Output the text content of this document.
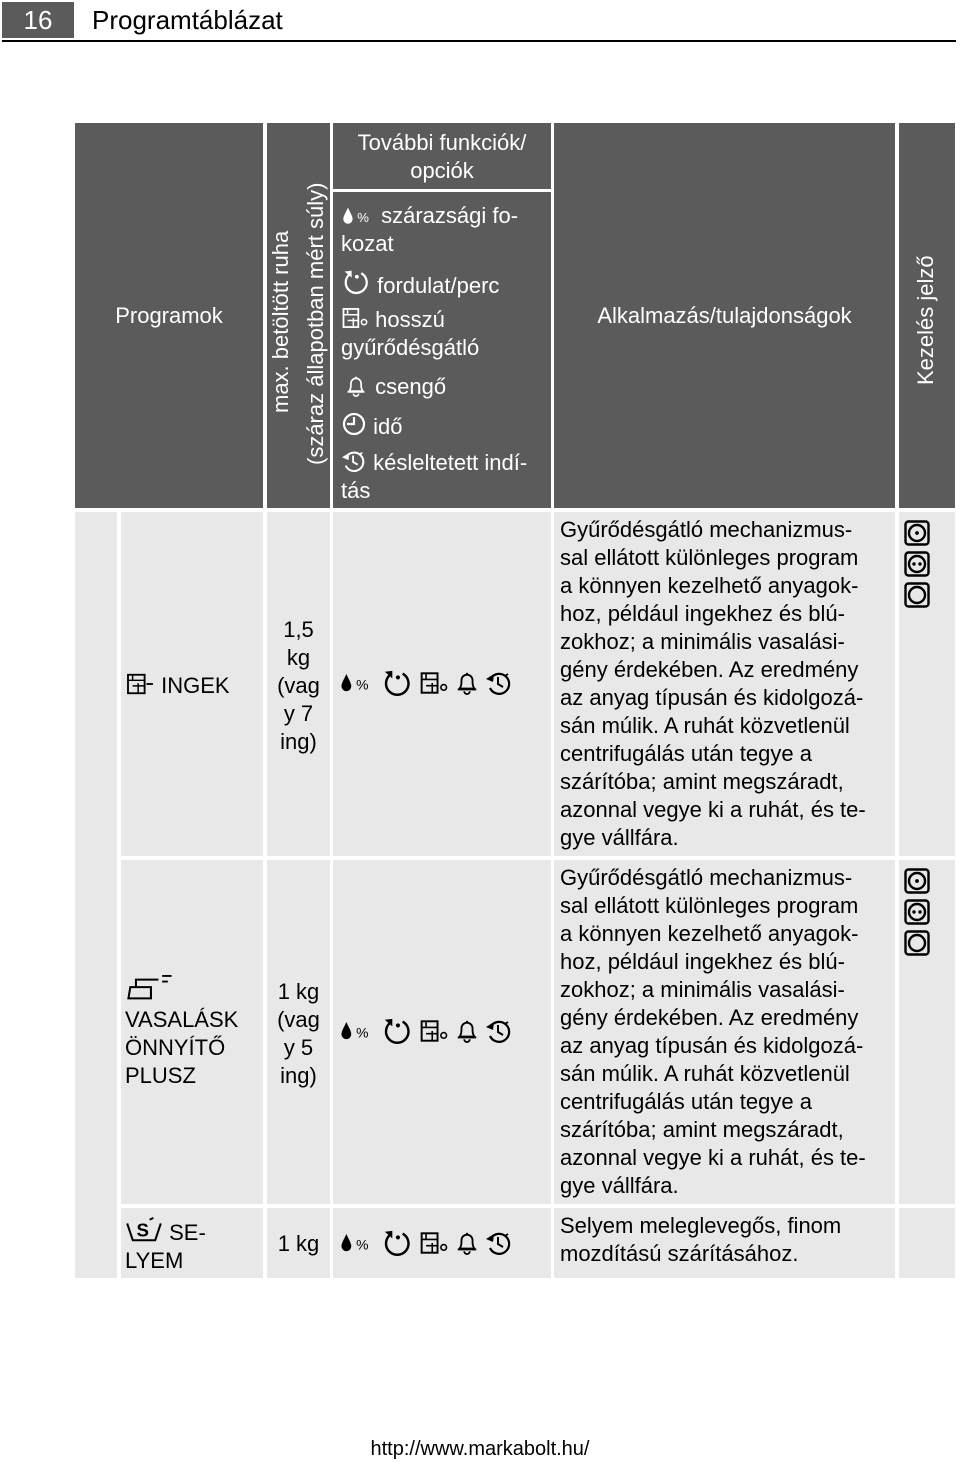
16	Programtáblázat
Programok max. betöltött ruha (száraz állapotban mért súly)
További funkciók/
opciók
szárazsági fo-
kozat
fordulat/perc
hosszú
gyűrődésgátló
csengő
idő
késleltetett indí-
tás
Alkalmazás/tulajdonságok	Kezelés jelző
INGEK
1,5
kg
(vag
y 7
ing)
Gyűrődésgátló mechanizmus-
sal ellátott különleges program
a könnyen kezelhető anyagok-
hoz, például ingekhez és blú-
zokhoz; a minimális vasalási-
gény érdekében. Az eredmény
az anyag típusán és kidolgozá-
sán múlik. A ruhát közvetlenül
centrifugálás után tegye a
szárítóba; amint megszáradt,
azonnal vegye ki a ruhát, és te-
gye vállfára.
VASALÁSK
ÖNNYÍTŐ
PLUSZ
1 kg
(vag
y 5
ing)
Gyűrődésgátló mechanizmus-
sal ellátott különleges program
a könnyen kezelhető anyagok-
hoz, például ingekhez és blú-
zokhoz; a minimális vasalási-
gény érdekében. Az eredmény
az anyag típusán és kidolgozá-
sán múlik. A ruhát közvetlenül
centrifugálás után tegye a
szárítóba; amint megszáradt,
azonnal vegye ki a ruhát, és te-
gye vállfára.
SE-
LYEM
1 kg
Selyem meleglevegős, finom
mozdítású szárításához.
http://www.markabolt.hu/
